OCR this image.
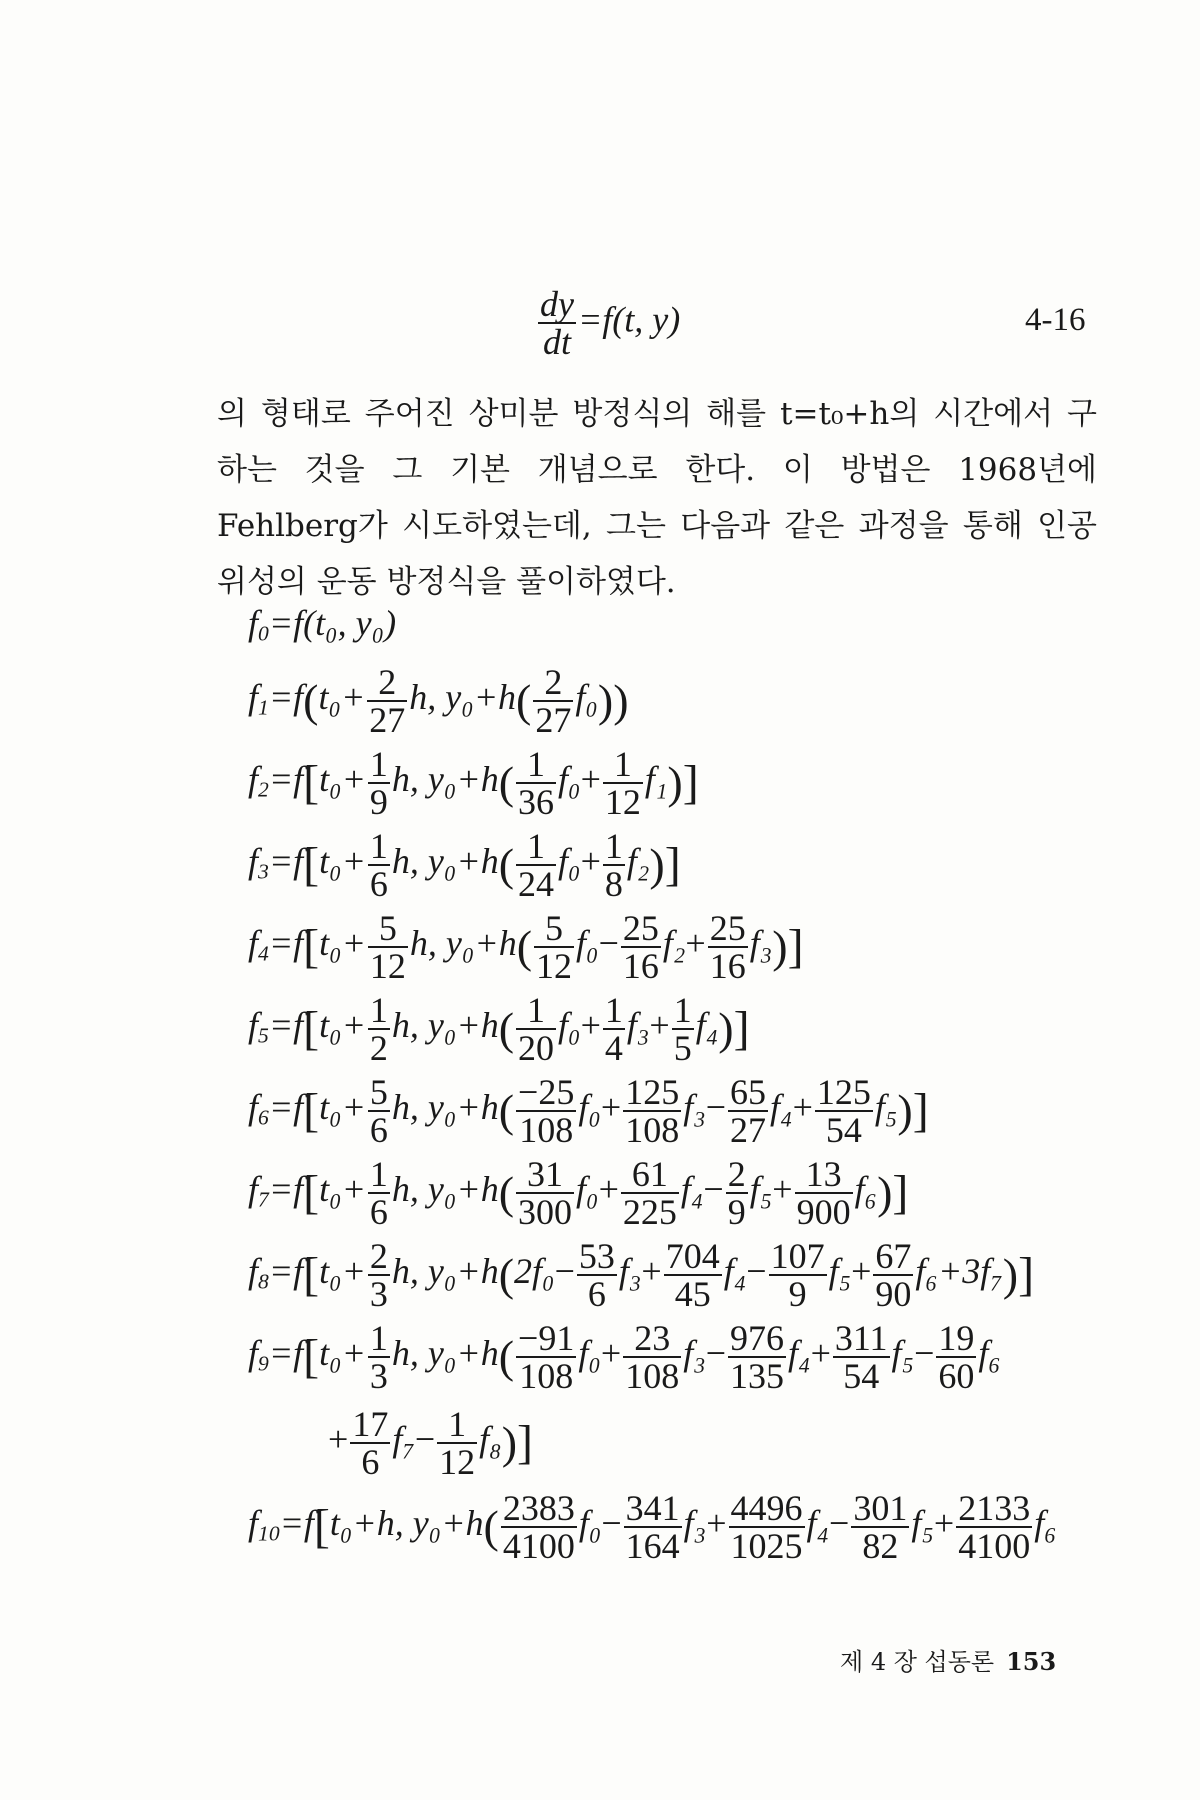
$\frac{dy}{dt} =f(t$, y)	4-16
의 형태로 주어진 상미분 방정식의 해를 t=t₀+h의 시간에서 구
하는 것을 그 기본 개념으로 한다. 이 방법은 1968년에
Fehlberg가 시도하였는데, 그는 다음과 같은 과정을 통해 인공
위성의 운동 방정식을 풀이하였다.
$f_0=f(t_0$, y₀)
$f_1=f(t_0+ \frac{2}{27} h$, $y_0+h( \frac{2}{27} f_0)$)
$f_2=f[t_0+ \frac{1}{9} h$, $y_0+h( \frac{1}{36} f_0+ \frac{1}{12} f_1)$]
$f_3=f[t_0+ \frac{1}{6} h$, $y_0+h( \frac{1}{24} f_0+ \frac{1}{8} f_2)$]
$f_4=f[t_0+ \frac{5}{12} h$, $y_0+h( \frac{5}{12} f_0- \frac{25}{16} f_2+ \frac{25}{16} f_3)$]
$f_5=f[t_0+ \frac{1}{2} h$, $y_0+h( \frac{1}{20} f_0+ \frac{1}{4} f_3+ \frac{1}{5} f_4)$]
$f_6=f[t_0+ \frac{5}{6} h$, $y_0+h( \frac{-25}{108} f_0+ \frac{125}{108} f_3- \frac{65}{27} f_4+ \frac{125}{54} f_5)$]
$f_7=f[t_0+ \frac{1}{6} h$, $y_0+h( \frac{31}{300} f_0+ \frac{61}{225} f_4- \frac{2}{9} f_5+ \frac{13}{900} f_6)$]
$f_8=f[t_0+ \frac{2}{3} h$, $y_0+h(2f_0- \frac{53}{6} f_3+ \frac{704}{45} f_4- \frac{107}{9} f_5+ \frac{67}{90} f_6+3f_7)$]
$f_9=f[t_0+ \frac{1}{3} h$, $y_0+h( \frac{-91}{108} f_0+ \frac{23}{108} f_3- \frac{976}{135} f_4+ \frac{311}{54} f_5- \frac{19}{60} f_6$
+ $\frac{17}{6} f_7- \frac{1}{12} f_8$)]
$f_{10}=f[t_0+h$, $y_0+h( \frac{2383}{4100} f_0- \frac{341}{164} f_3+ \frac{4496}{1025} f_4- \frac{301}{82} f_5+ \frac{2133}{4100} f_6$
제 4 장 섭동론 153
